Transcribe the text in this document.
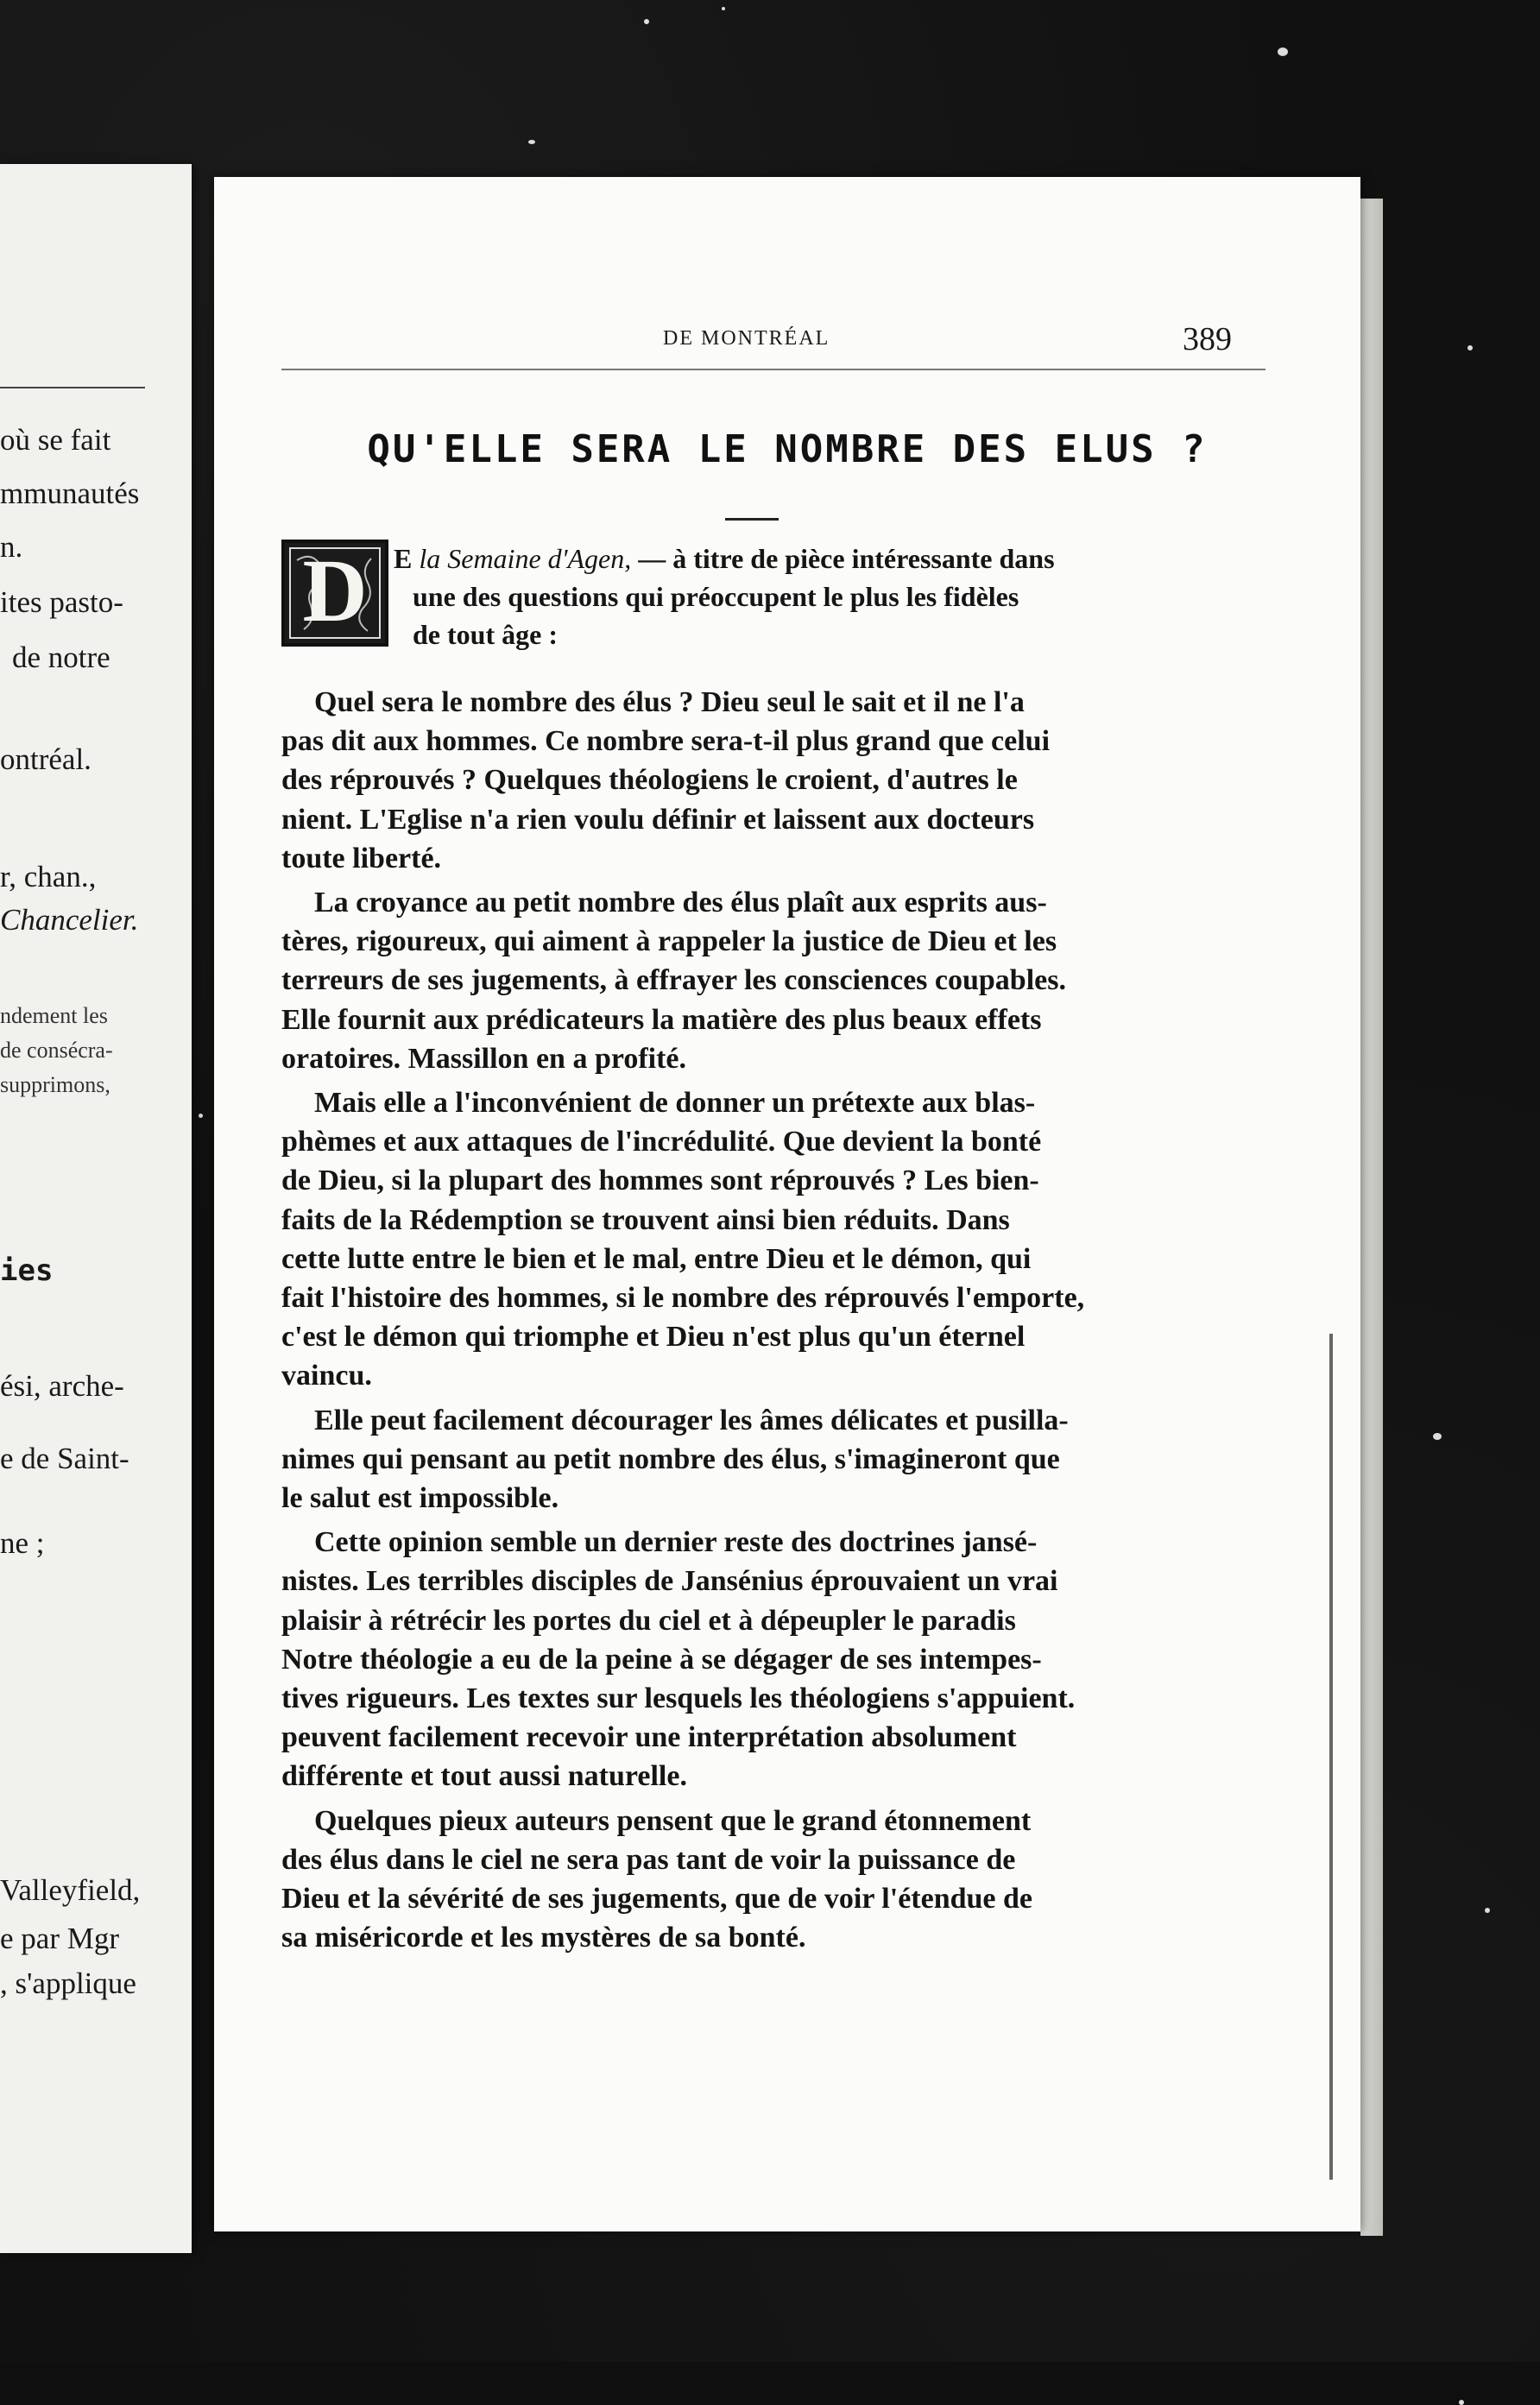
où se fait
mmunautés
n.
ites pasto-
de notre
ontréal.
r, chan.,
Chancelier.
ndement les
de consécra-
supprimons,
ies
ési, arche-
e de Saint-
ne ;
Valleyfield,
e par Mgr
, s'applique
DE MONTRÉAL	389
QU'ELLE SERA LE NOMBRE DES ELUS ?
D E la Semaine d'Agen, — à titre de pièce intéressante dans
une des questions qui préoccupent le plus les fidèles
de tout âge :
Quel sera le nombre des élus ? Dieu seul le sait et il ne l'a
pas dit aux hommes. Ce nombre sera-t-il plus grand que celui
des réprouvés ? Quelques théologiens le croient, d'autres le
nient. L'Eglise n'a rien voulu définir et laissent aux docteurs
toute liberté.
La croyance au petit nombre des élus plaît aux esprits aus-
tères, rigoureux, qui aiment à rappeler la justice de Dieu et les
terreurs de ses jugements, à effrayer les consciences coupables.
Elle fournit aux prédicateurs la matière des plus beaux effets
oratoires. Massillon en a profité.
Mais elle a l'inconvénient de donner un prétexte aux blas-
phèmes et aux attaques de l'incrédulité. Que devient la bonté
de Dieu, si la plupart des hommes sont réprouvés ? Les bien-
faits de la Rédemption se trouvent ainsi bien réduits. Dans
cette lutte entre le bien et le mal, entre Dieu et le démon, qui
fait l'histoire des hommes, si le nombre des réprouvés l'emporte,
c'est le démon qui triomphe et Dieu n'est plus qu'un éternel
vaincu.
Elle peut facilement décourager les âmes délicates et pusilla-
nimes qui pensant au petit nombre des élus, s'imagineront que
le salut est impossible.
Cette opinion semble un dernier reste des doctrines jansé-
nistes. Les terribles disciples de Jansénius éprouvaient un vrai
plaisir à rétrécir les portes du ciel et à dépeupler le paradis
Notre théologie a eu de la peine à se dégager de ses intempes-
tives rigueurs. Les textes sur lesquels les théologiens s'appuient.
peuvent facilement recevoir une interprétation absolument
différente et tout aussi naturelle.
Quelques pieux auteurs pensent que le grand étonnement
des élus dans le ciel ne sera pas tant de voir la puissance de
Dieu et la sévérité de ses jugements, que de voir l'étendue de
sa miséricorde et les mystères de sa bonté.
